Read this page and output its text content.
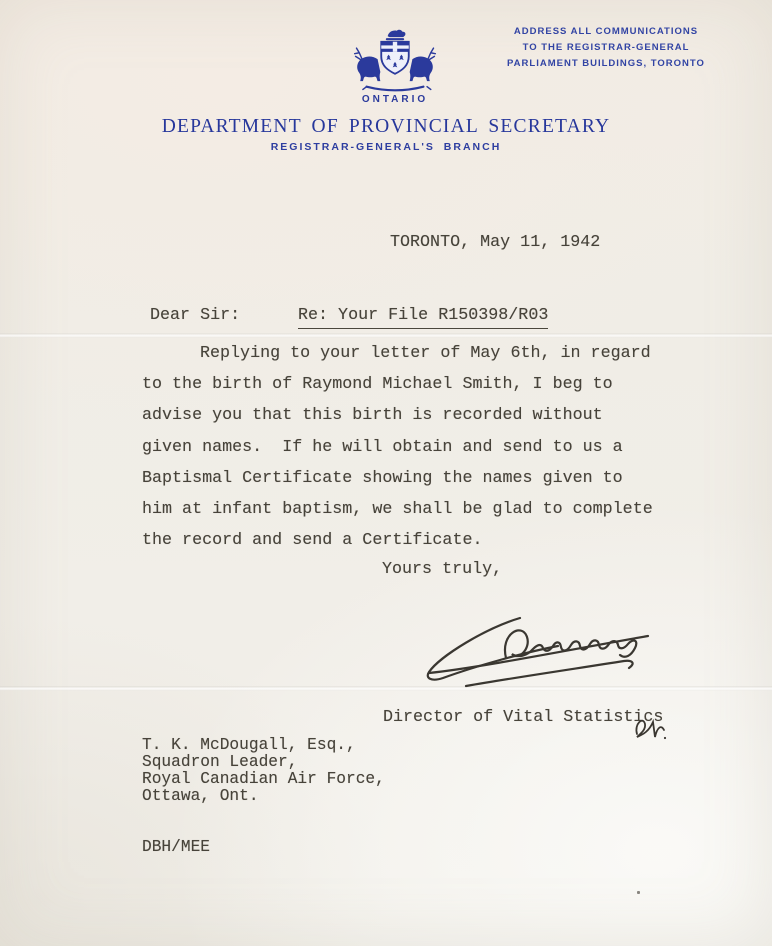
ONTARIO
ADDRESS ALL COMMUNICATIONS
TO THE REGISTRAR-GENERAL
PARLIAMENT BUILDINGS, TORONTO
DEPARTMENT OF PROVINCIAL SECRETARY
REGISTRAR-GENERAL'S BRANCH
TORONTO, May 11, 1942
Dear Sir:	Re: Your File R150398/R03
Replying to your letter of May 6th, in regard
to the birth of Raymond Michael Smith, I beg to
advise you that this birth is recorded without
given names.  If he will obtain and send to us a
Baptismal Certificate showing the names given to
him at infant baptism, we shall be glad to complete
the record and send a Certificate.
Yours truly,
Director of Vital Statistics
T. K. McDougall, Esq.,
Squadron Leader,
Royal Canadian Air Force,
Ottawa, Ont.
DBH/MEE
